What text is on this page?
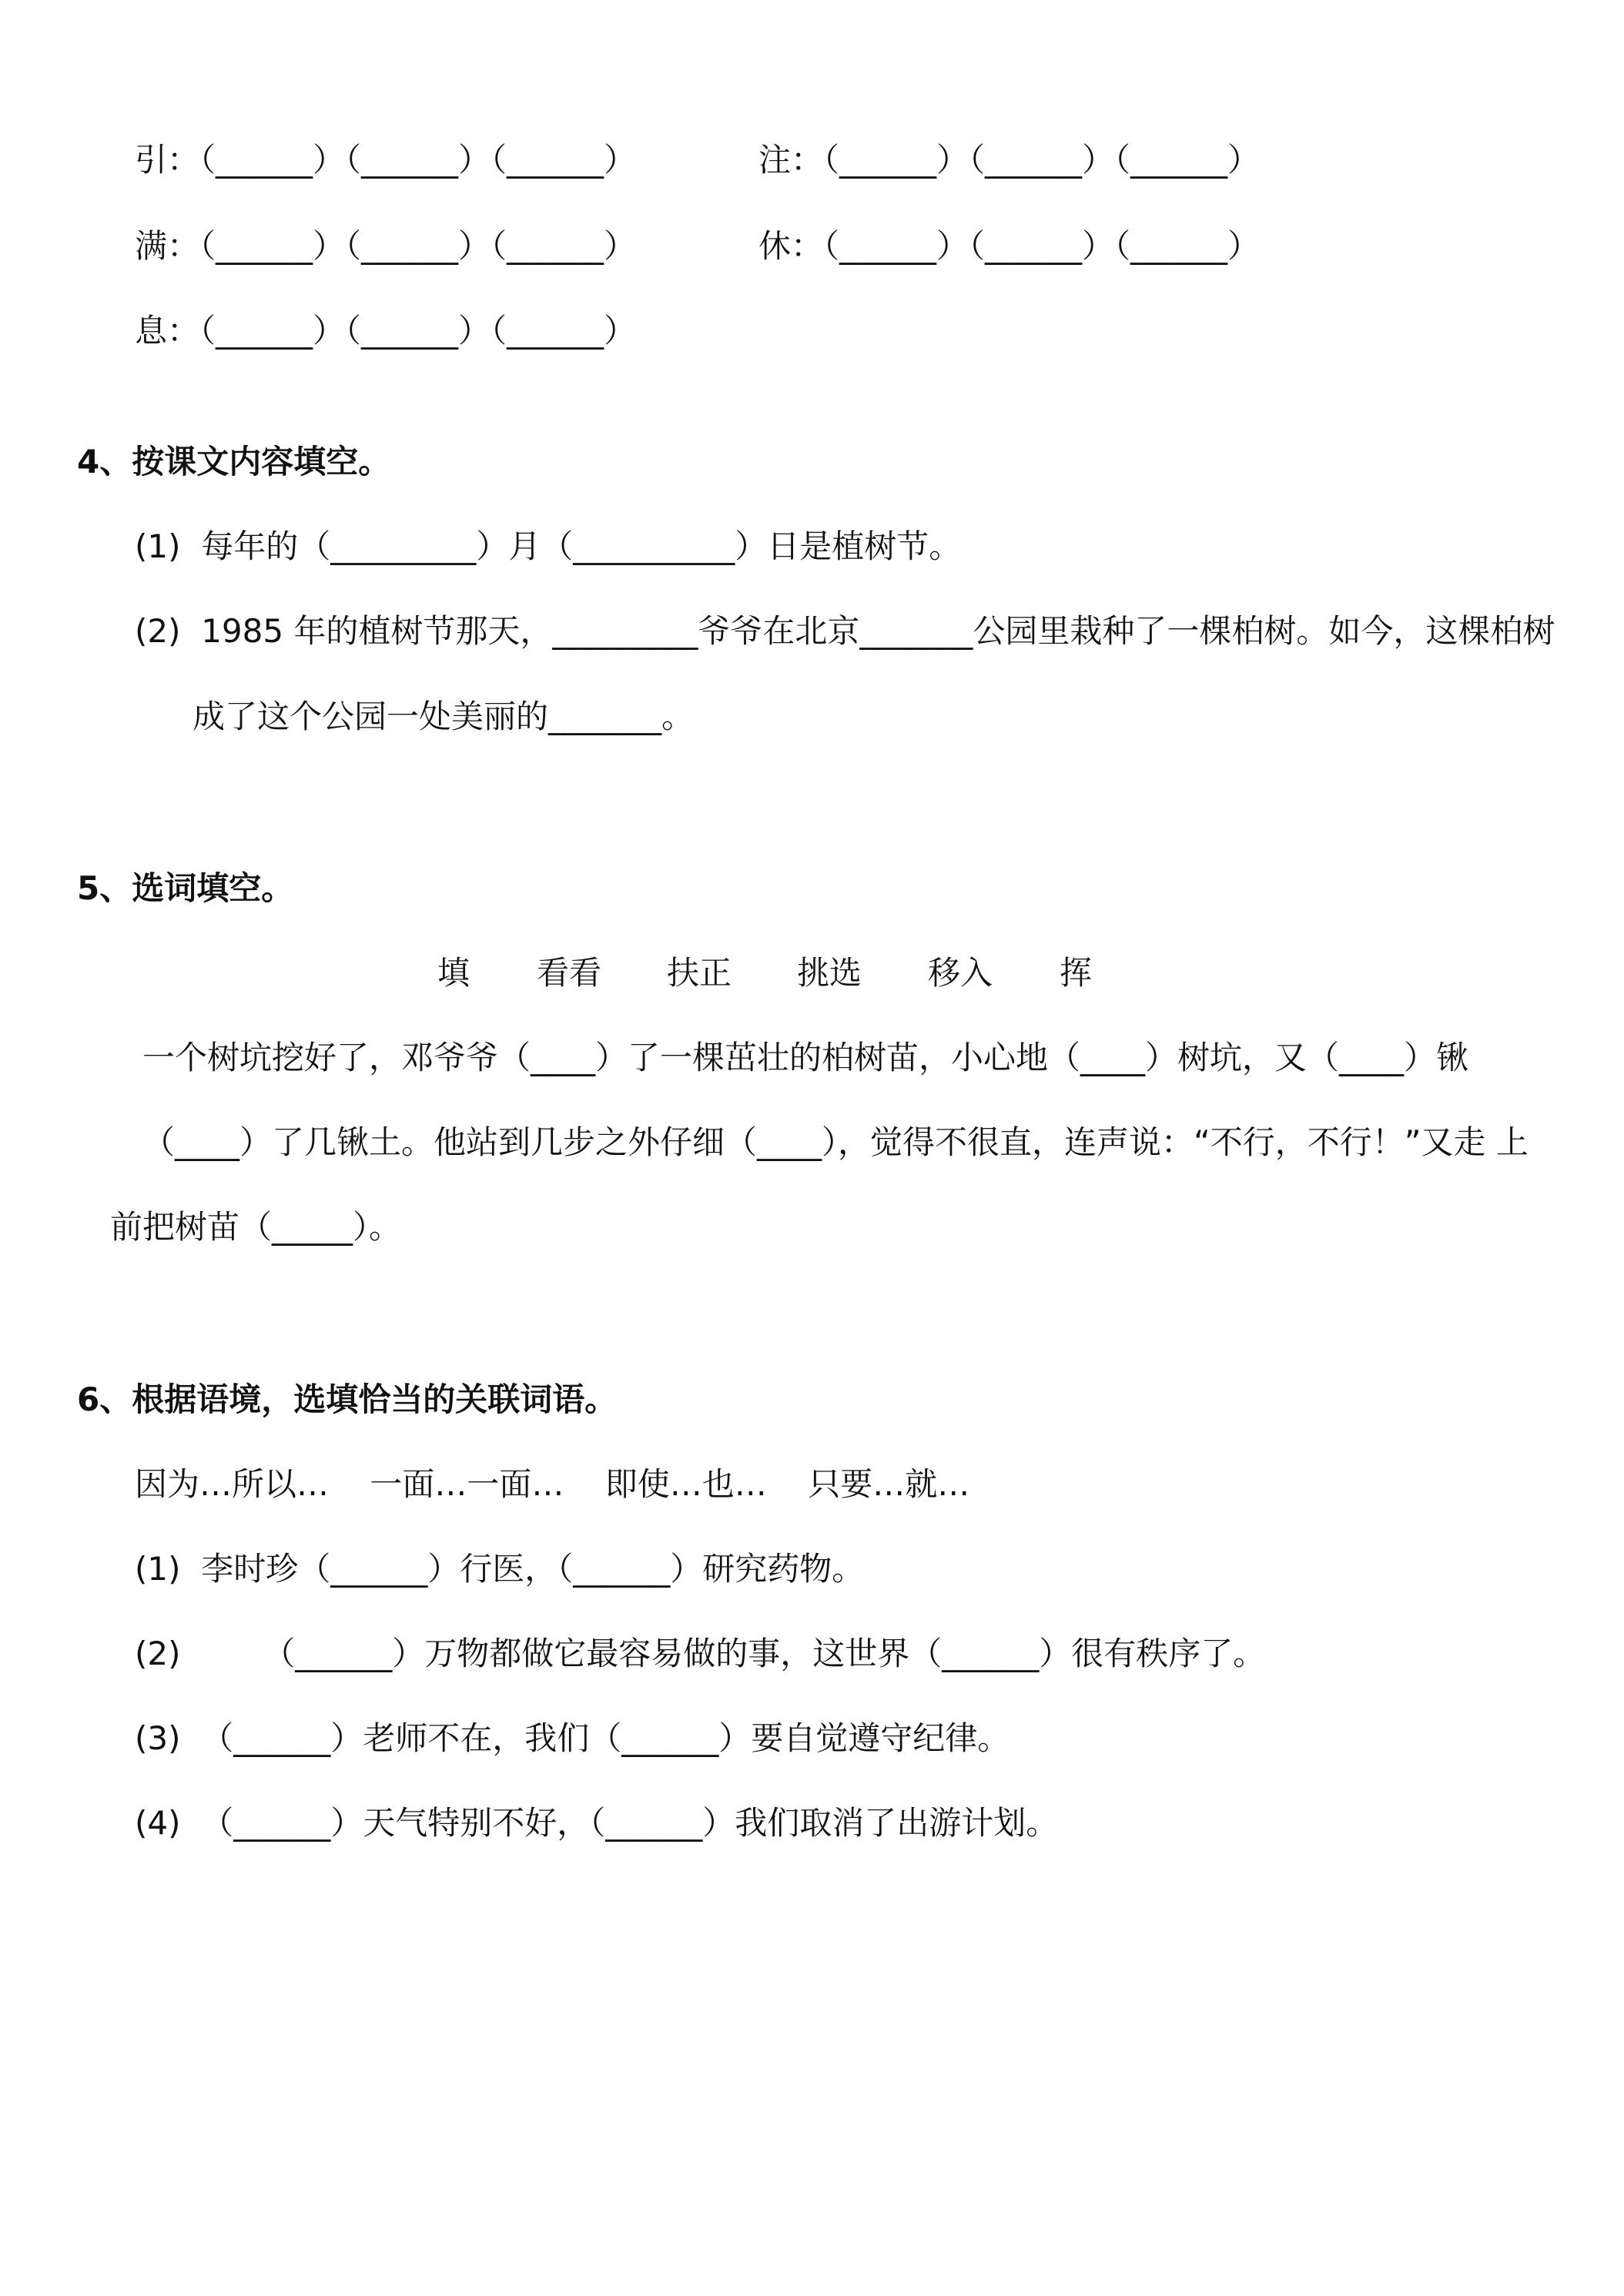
引：（______）（______）（______）	注：（______）（______）（______）
满：（______）（______）（______）	休：（______）（______）（______）
息：（______）（______）（______）
4、按课文内容填空。
(1)  每年的（_________）月（__________）日是植树节。
(2)  1985 年的植树节那天，_________爷爷在北京_______公园里栽种了一棵柏树。如今，这棵柏树
成了这个公园一处美丽的_______。
5、选词填空。
填 看看 扶正 挑选 移入 挥
一个树坑挖好了，邓爷爷（____）了一棵茁壮的柏树苗，小心地（____）树坑，又（____）锹
（____）了几锹土。他站到几步之外仔细（____），觉得不很直，连声说：“不行，不行！”又走 上
前把树苗（_____）。
6、根据语境，选填恰当的关联词语。
因为…所以…    一面…一面…    即使…也…    只要…就…
(1)  李时珍（______）行医，（______）研究药物。
(2)        （______）万物都做它最容易做的事，这世界（______）很有秩序了。
(3)  （______）老师不在，我们（______）要自觉遵守纪律。
(4)  （______）天气特别不好，（______）我们取消了出游计划。
